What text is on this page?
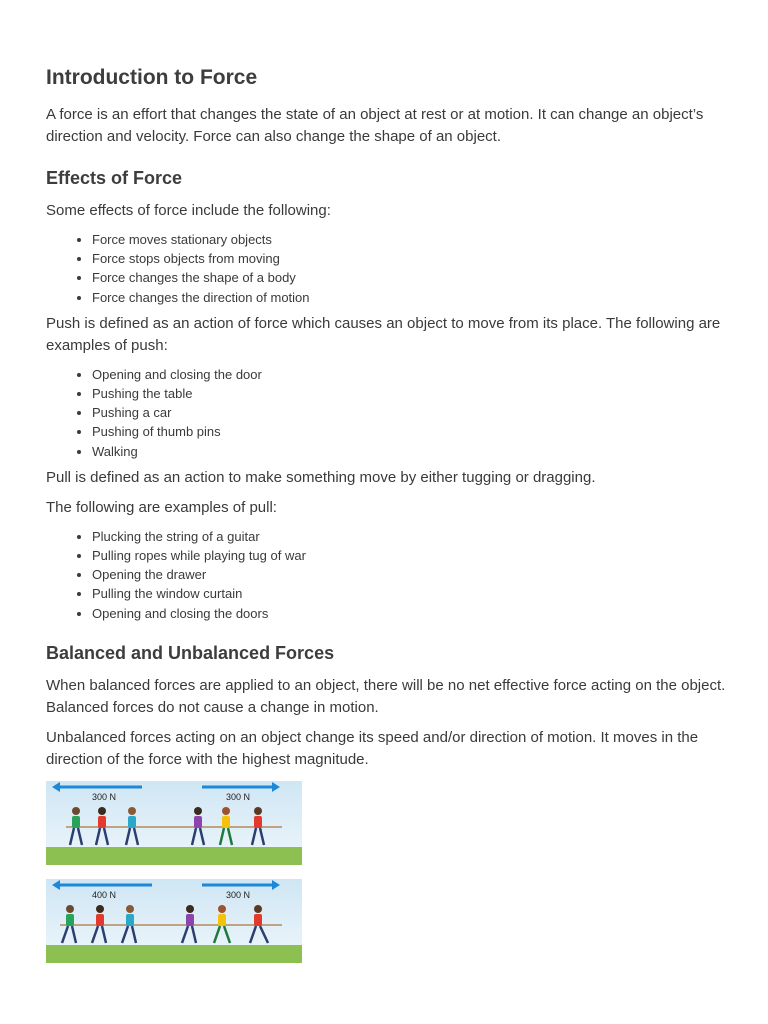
Introduction to Force

A force is an effort that changes the state of an object at rest or at motion. It can change an object’s direction and velocity. Force can also change the shape of an object.

Effects of Force

Some effects of force include the following:

• Force moves stationary objects
• Force stops objects from moving
• Force changes the shape of a body
• Force changes the direction of motion

Push is defined as an action of force which causes an object to move from its place. The following are examples of push:

• Opening and closing the door
• Pushing the table
• Pushing a car
• Pushing of thumb pins
• Walking

Pull is defined as an action to make something move by either tugging or dragging.

The following are examples of pull:

• Plucking the string of a guitar
• Pulling ropes while playing tug of war
• Opening the drawer
• Pulling the window curtain
• Opening and closing the doors
Balanced and Unbalanced Forces

When balanced forces are applied to an object, there will be no net effective force acting on the object. Balanced forces do not cause a change in motion.

Unbalanced forces acting on an object change its speed and/or direction of motion. It moves in the direction of the force with the highest magnitude.

300 N	300 N
400 N	300 N
